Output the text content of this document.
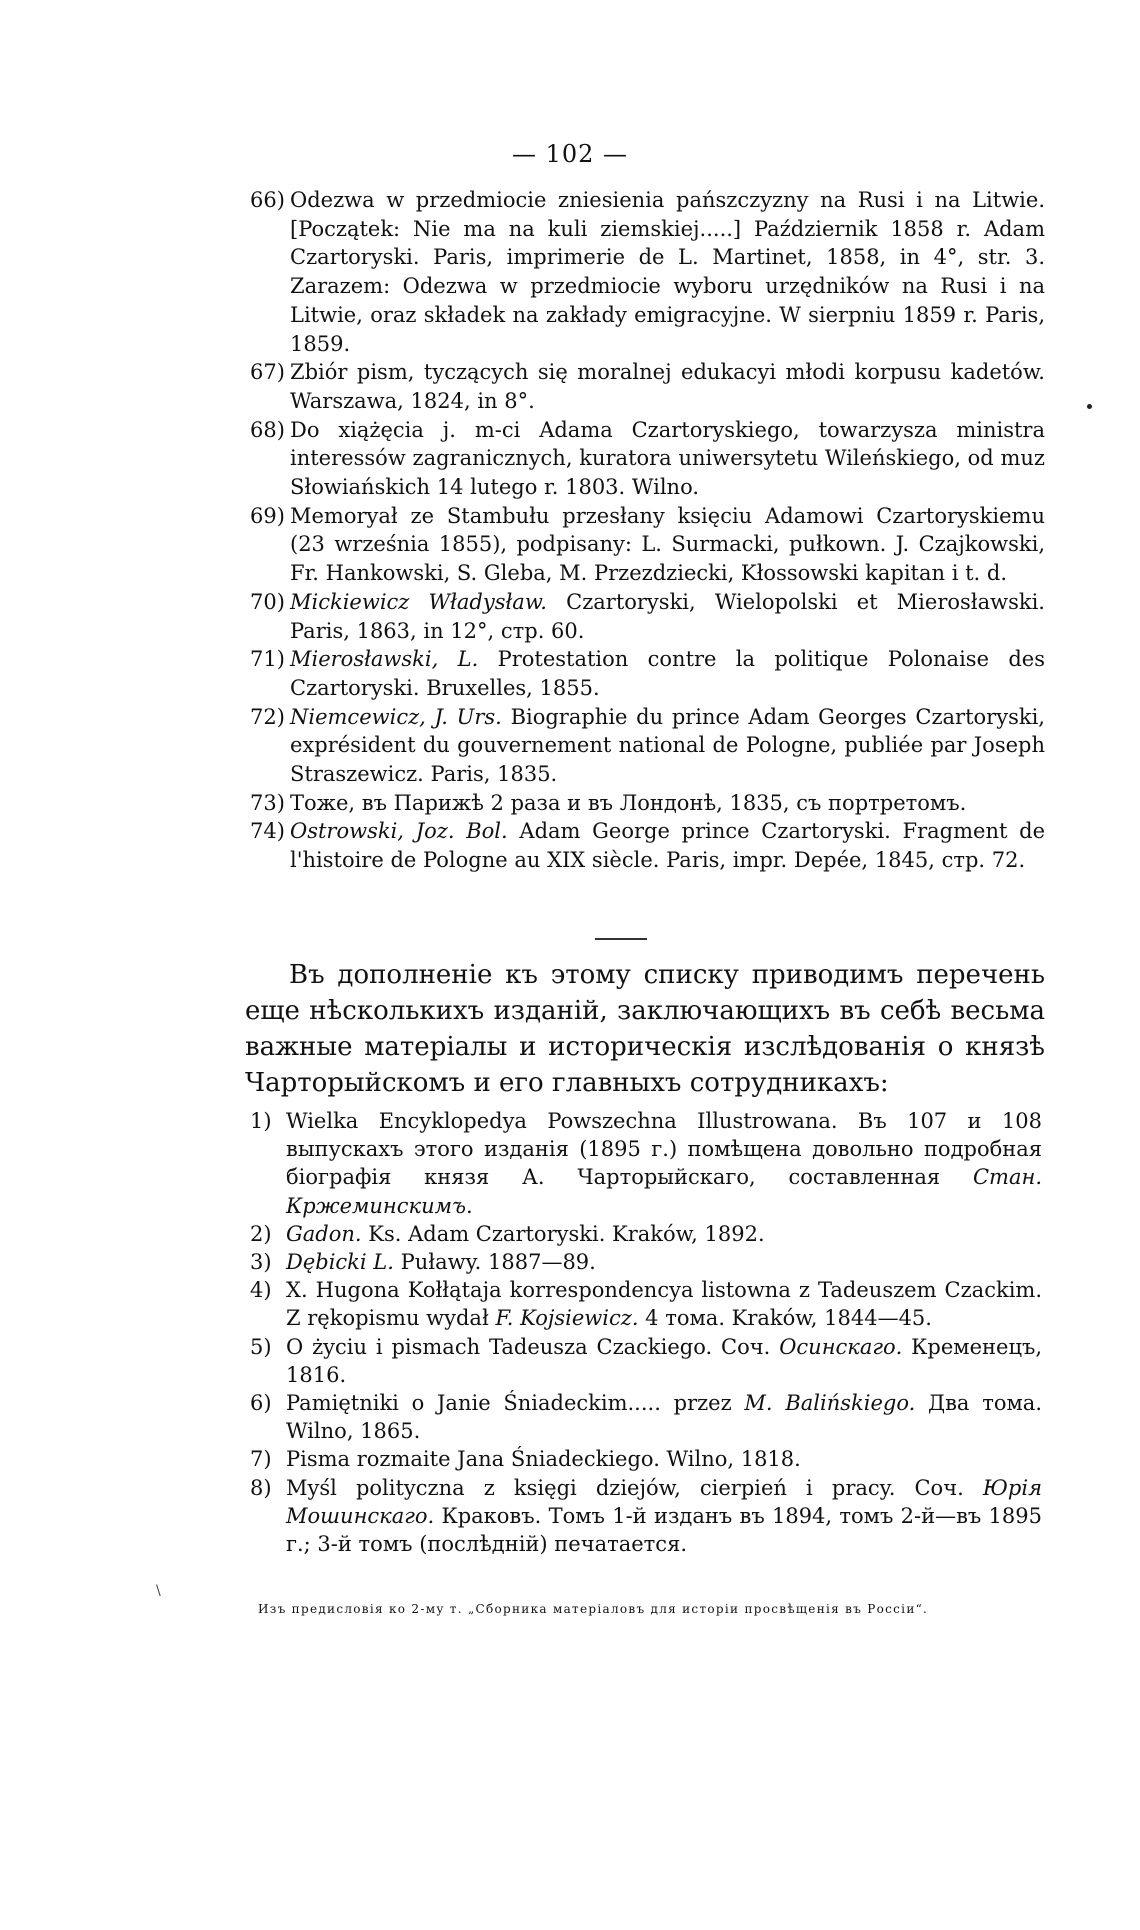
— 102 —
66) Odezwa w przedmiocie zniesienia pańszczyzny na Rusi i na Litwie. [Początek: Nie ma na kuli ziemskiej.....] Październik 1858 r. Adam Czartoryski. Paris, imprimerie de L. Martinet, 1858, in 4°, str. 3. Zarazem: Odezwa w przedmiocie wyboru urzędników na Rusi i na Litwie, oraz składek na zakłady emigracyjne. W sierpniu 1859 r. Paris, 1859.
67) Zbiór pism, tyczących się moralnej edukacyi młodi korpusu kadetów. Warszawa, 1824, in 8°.
68) Do xiążęcia j. m-ci Adama Czartoryskiego, towarzysza ministra interessów zagranicznych, kuratora uniwersytetu Wileńskiego, od muz Słowiańskich 14 lutego r. 1803. Wilno.
69) Memoryał ze Stambułu przesłany księciu Adamowi Czartoryskiemu (23 września 1855), podpisany: L. Surmacki, pułkown. J. Czajkowski, Fr. Hankowski, S. Gleba, M. Przezdziecki, Kłossowski kapitan i t. d.
70) Mickiewicz Władysław. Czartoryski, Wielopolski et Mierosławski. Paris, 1863, in 12°, стр. 60.
71) Mierosławski, L. Protestation contre la politique Polonaise des Czartoryski. Bruxelles, 1855.
72) Niemcewicz, J. Urs. Biographie du prince Adam Georges Czartoryski, exprésident du gouvernement national de Pologne, publiée par Joseph Straszewicz. Paris, 1835.
73) Тоже, въ Парижѣ 2 раза и въ Лондонѣ, 1835, съ портретомъ.
74) Ostrowski, Joz. Bol. Adam George prince Czartoryski. Fragment de l'histoire de Pologne au XIX siècle. Paris, impr. Depée, 1845, стр. 72.
Въ дополненіе къ этому списку приводимъ перечень еще нѣсколькихъ изданій, заключающихъ въ себѣ весьма важные матеріалы и историческія изслѣдованія о князѣ Чарторыйскомъ и его главныхъ сотрудникахъ:
1) Wielka Encyklopedya Powszechna Illustrowana. Въ 107 и 108 выпускахъ этого изданія (1895 г.) помѣщена довольно подробная біографія князя А. Чарторыйскаго, составленная Стан. Кржеминскимъ.
2) Gadon. Ks. Adam Czartoryski. Kraków, 1892.
3) Dębicki L. Puławy. 1887—89.
4) X. Hugona Kołłątaja korrespondencya listowna z Tadeuszem Czackim. Z rękopismu wydał F. Kojsiewicz. 4 тома. Kraków, 1844—45.
5) O życiu i pismach Tadeusza Czackiego. Соч. Осинскаго. Кременецъ, 1816.
6) Pamiętniki o Janie Śniadeckim..... przez M. Balińskiego. Два тома. Wilno, 1865.
7) Pisma rozmaite Jana Śniadeckiego. Wilno, 1818.
8) Myśl polityczna z księgi dziejów, cierpień i pracy. Соч. Юрія Мошинскаго. Краковъ. Томъ 1-й изданъ въ 1894, томъ 2-й—въ 1895 г.; 3-й томъ (послѣдній) печатается.
\
Изъ предисловія ко 2-му т. „Сборника матеріаловъ для исторіи просвѣщенія въ Россіи“.
